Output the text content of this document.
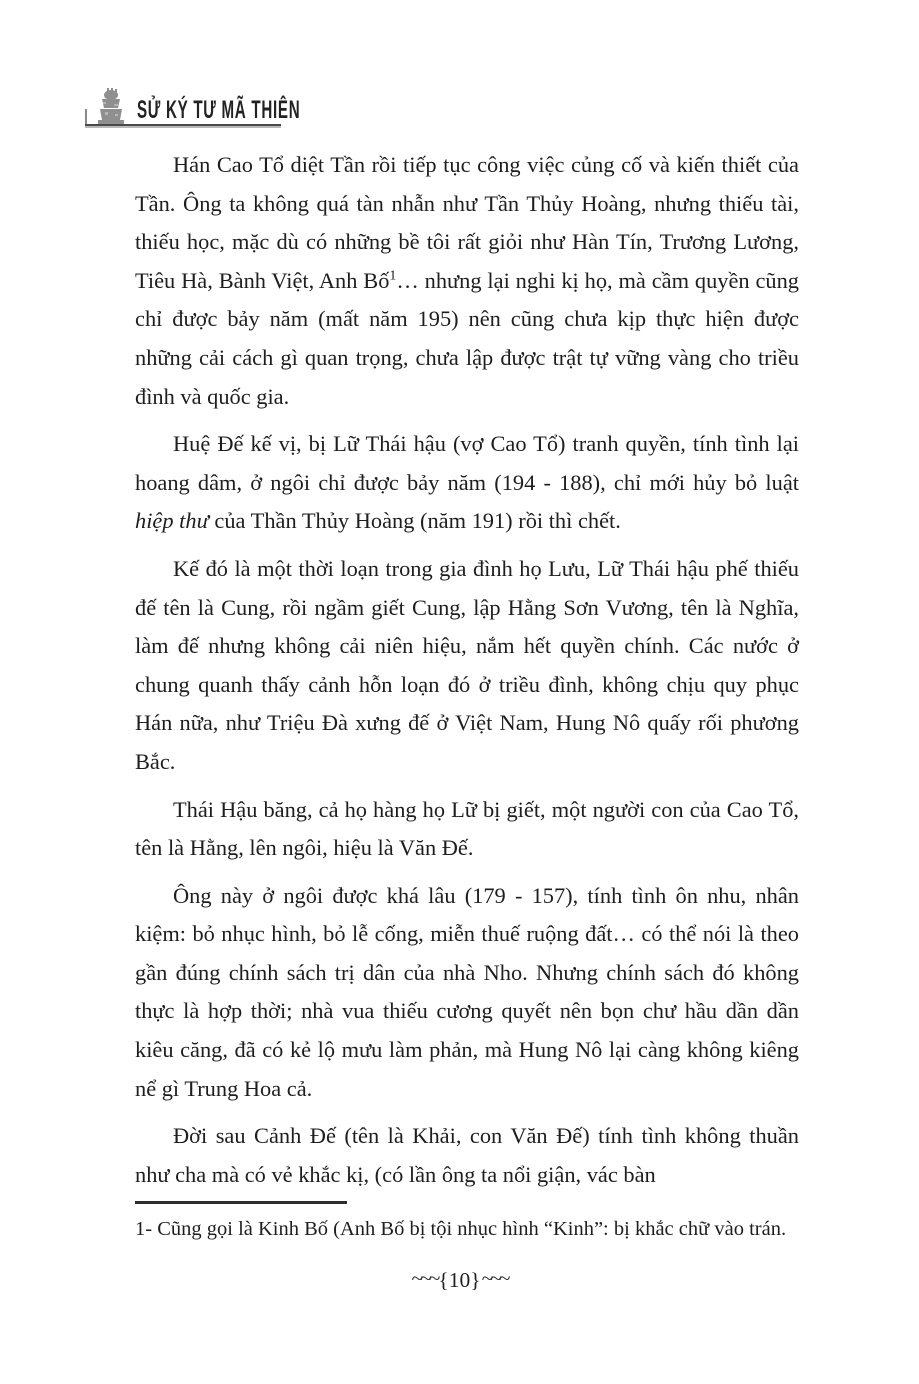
SỬ KÝ TƯ MÃ THIÊN

Hán Cao Tổ diệt Tần rồi tiếp tục công việc củng cố và kiến thiết của Tần. Ông ta không quá tàn nhẫn như Tần Thủy Hoàng, nhưng thiếu tài, thiếu học, mặc dù có những bề tôi rất giỏi như Hàn Tín, Trương Lương, Tiêu Hà, Bành Việt, Anh Bố$^1$… nhưng lại nghi kị họ, mà cầm quyền cũng chỉ được bảy năm (mất năm 195) nên cũng chưa kịp thực hiện được những cải cách gì quan trọng, chưa lập được trật tự vững vàng cho triều đình và quốc gia.

Huệ Đế kế vị, bị Lữ Thái hậu (vợ Cao Tổ) tranh quyền, tính tình lại hoang dâm, ở ngôi chỉ được bảy năm (194 - 188), chỉ mới hủy bỏ luật hiệp thư của Thần Thủy Hoàng (năm 191) rồi thì chết.

Kế đó là một thời loạn trong gia đình họ Lưu, Lữ Thái hậu phế thiếu đế tên là Cung, rồi ngầm giết Cung, lập Hằng Sơn Vương, tên là Nghĩa, làm đế nhưng không cải niên hiệu, nắm hết quyền chính. Các nước ở chung quanh thấy cảnh hỗn loạn đó ở triều đình, không chịu quy phục Hán nữa, như Triệu Đà xưng đế ở Việt Nam, Hung Nô quấy rối phương Bắc.

Thái Hậu băng, cả họ hàng họ Lữ bị giết, một người con của Cao Tổ, tên là Hằng, lên ngôi, hiệu là Văn Đế.

Ông này ở ngôi được khá lâu (179 - 157), tính tình ôn nhu, nhân kiệm: bỏ nhục hình, bỏ lễ cống, miễn thuế ruộng đất… có thể nói là theo gần đúng chính sách trị dân của nhà Nho. Nhưng chính sách đó không thực là hợp thời; nhà vua thiếu cương quyết nên bọn chư hầu dần dần kiêu căng, đã có kẻ lộ mưu làm phản, mà Hung Nô lại càng không kiêng nể gì Trung Hoa cả.

Đời sau Cảnh Đế (tên là Khải, con Văn Đế) tính tình không thuần như cha mà có vẻ khắc kị, (có lần ông ta nổi giận, vác bàn

1- Cũng gọi là Kinh Bố (Anh Bố bị tội nhục hình “Kinh”: bị khắc chữ vào trán.
~~~{10}~~~
